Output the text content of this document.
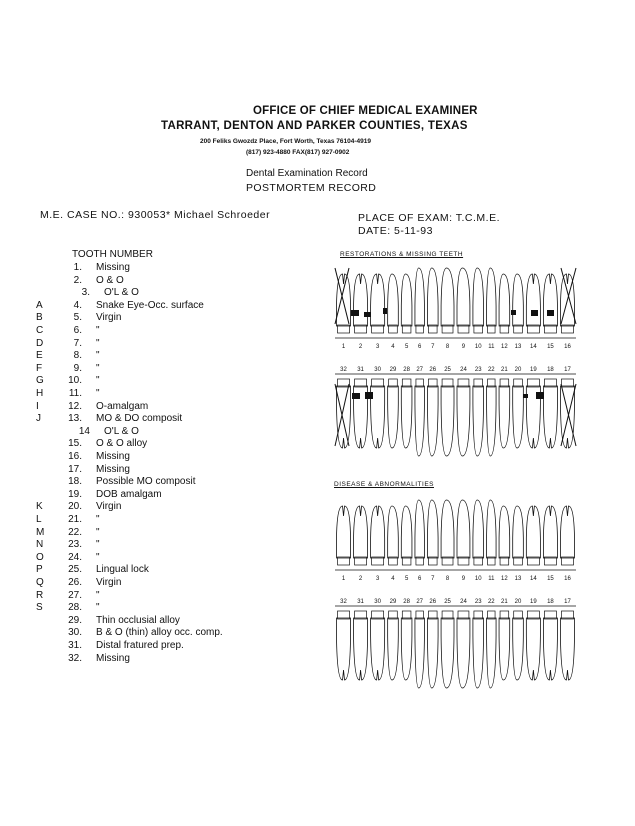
OFFICE OF CHIEF MEDICAL EXAMINER
TARRANT, DENTON AND PARKER COUNTIES, TEXAS
200 Feliks Gwozdz Place, Fort Worth, Texas 76104-4919
(817) 923-4880 FAX(817) 927-0902
Dental Examination Record
POSTMORTEM RECORD
M.E. CASE NO.: 930053* Michael Schroeder	PLACE OF EXAM: T.C.M.E.
DATE: 5-11-93
TOOTH NUMBER
1. Missing
2. O & O
3. O'L & O
A	4. Snake Eye-Occ. surface
B	5. Virgin
C	6. "
D	7. "
E	8. "
F	9. "
G	10. "
H	11. "
I	12. O-amalgam
J	13. MO & DO composit
14 O'L & O
15. O & O alloy
16. Missing
17. Missing
18. Possible MO composit
19. DOB amalgam
K	20. Virgin
L	21. "
M	22. "
N	23. "
O	24. "
P	25. Lingual lock
Q	26. Virgin
R	27. "
S	28. "
29. Thin occlusial alloy
30. B & O (thin) alloy occ. comp.
31. Distal fratured prep.
32. Missing
RESTORATIONS & MISSING TEETH
DISEASE & ABNORMALITIES
1 2 3 4 5 6 7 8 9 10 11 12 13 14 15 16
32 31 30 29 28 27 26 25 24 23 22 21 20 19 18 17
1 2 3 4 5 6 7 8 9 10 11 12 13 14 15 16
32 31 30 29 28 27 26 25 24 23 22 21 20 19 18 17
